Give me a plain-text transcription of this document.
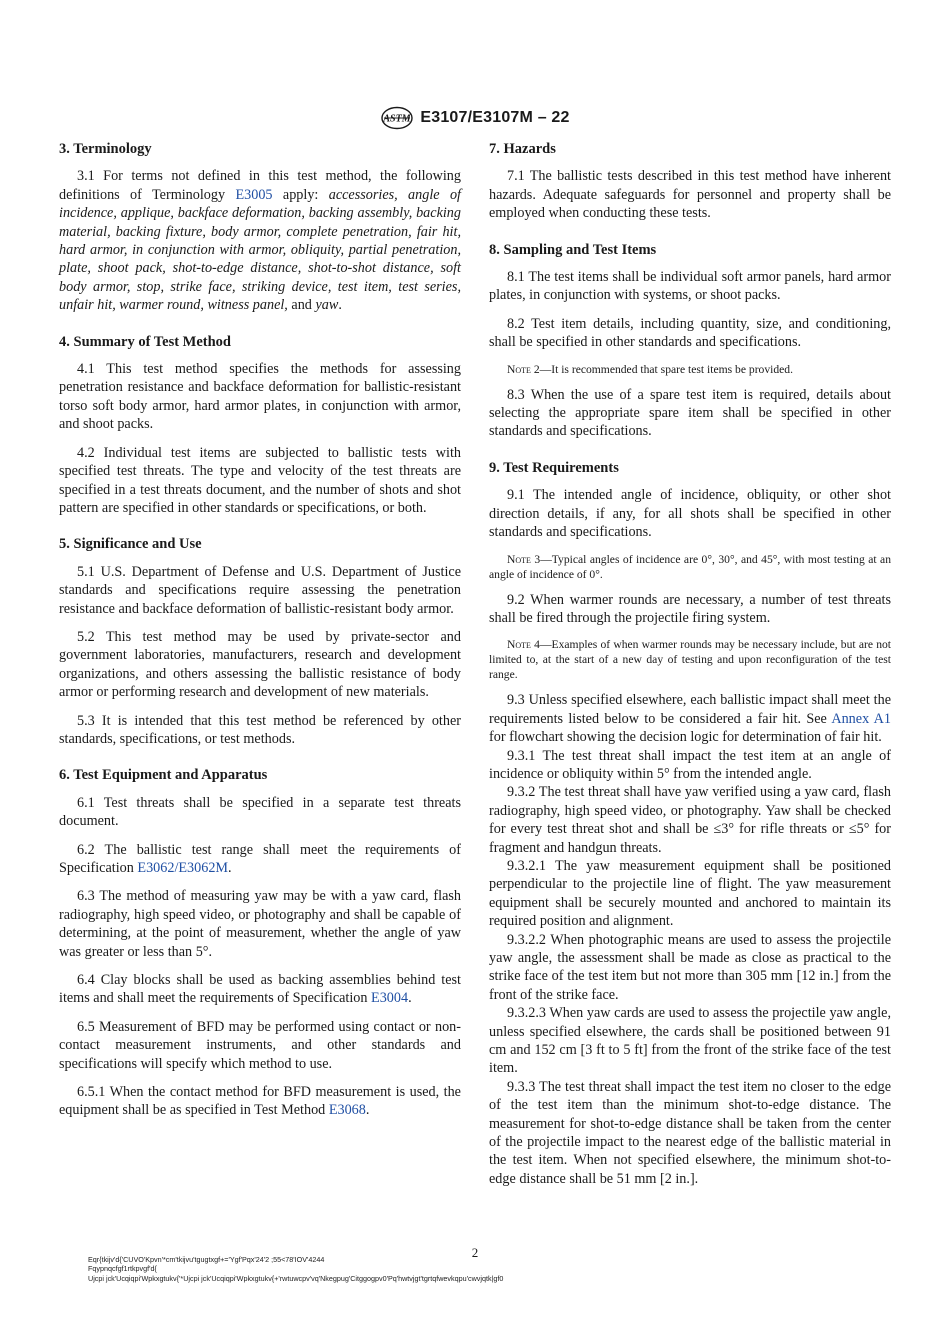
ASTM E3107/E3107M – 22
3. Terminology
3.1 For terms not defined in this test method, the following definitions of Terminology E3005 apply: accessories, angle of incidence, applique, backface deformation, backing assembly, backing material, backing fixture, body armor, complete penetration, fair hit, hard armor, in conjunction with armor, obliquity, partial penetration, plate, shoot pack, shot-to-edge distance, shot-to-shot distance, soft body armor, stop, strike face, striking device, test item, test series, unfair hit, warmer round, witness panel, and yaw.
4. Summary of Test Method
4.1 This test method specifies the methods for assessing penetration resistance and backface deformation for ballistic-resistant torso soft body armor, hard armor plates, in conjunction with armor, and shoot packs.
4.2 Individual test items are subjected to ballistic tests with specified test threats. The type and velocity of the test threats are specified in a test threats document, and the number of shots and shot pattern are specified in other standards or specifications, or both.
5. Significance and Use
5.1 U.S. Department of Defense and U.S. Department of Justice standards and specifications require assessing the penetration resistance and backface deformation of ballistic-resistant body armor.
5.2 This test method may be used by private-sector and government laboratories, manufacturers, research and development organizations, and others assessing the ballistic resistance of body armor or performing research and development of new materials.
5.3 It is intended that this test method be referenced by other standards, specifications, or test methods.
6. Test Equipment and Apparatus
6.1 Test threats shall be specified in a separate test threats document.
6.2 The ballistic test range shall meet the requirements of Specification E3062/E3062M.
6.3 The method of measuring yaw may be with a yaw card, flash radiography, high speed video, or photography and shall be capable of determining, at the point of measurement, whether the angle of yaw was greater or less than 5°.
6.4 Clay blocks shall be used as backing assemblies behind test items and shall meet the requirements of Specification E3004.
6.5 Measurement of BFD may be performed using contact or non-contact measurement instruments, and other standards and specifications will specify which method to use.
6.5.1 When the contact method for BFD measurement is used, the equipment shall be as specified in Test Method E3068.
7. Hazards
7.1 The ballistic tests described in this test method have inherent hazards. Adequate safeguards for personnel and property shall be employed when conducting these tests.
8. Sampling and Test Items
8.1 The test items shall be individual soft armor panels, hard armor plates, in conjunction with systems, or shoot packs.
8.2 Test item details, including quantity, size, and conditioning, shall be specified in other standards and specifications.
Note 2—It is recommended that spare test items be provided.
8.3 When the use of a spare test item is required, details about selecting the appropriate spare item shall be specified in other standards and specifications.
9. Test Requirements
9.1 The intended angle of incidence, obliquity, or other shot direction details, if any, for all shots shall be specified in other standards and specifications.
Note 3—Typical angles of incidence are 0°, 30°, and 45°, with most testing at an angle of incidence of 0°.
9.2 When warmer rounds are necessary, a number of test threats shall be fired through the projectile firing system.
Note 4—Examples of when warmer rounds may be necessary include, but are not limited to, at the start of a new day of testing and upon reconfiguration of the test range.
9.3 Unless specified elsewhere, each ballistic impact shall meet the requirements listed below to be considered a fair hit. See Annex A1 for flowchart showing the decision logic for determination of fair hit.
9.3.1 The test threat shall impact the test item at an angle of incidence or obliquity within 5° from the intended angle.
9.3.2 The test threat shall have yaw verified using a yaw card, flash radiography, high speed video, or photography. Yaw shall be checked for every test threat shot and shall be ≤3° for rifle threats or ≤5° for fragment and handgun threats.
9.3.2.1 The yaw measurement equipment shall be positioned perpendicular to the projectile line of flight. The yaw measurement equipment shall be securely mounted and anchored to maintain its required position and alignment.
9.3.2.2 When photographic means are used to assess the projectile yaw angle, the assessment shall be made as close as practical to the strike face of the test item but not more than 305 mm [12 in.] from the front of the strike face.
9.3.2.3 When yaw cards are used to assess the projectile yaw angle, unless specified elsewhere, the cards shall be positioned between 91 cm and 152 cm [3 ft to 5 ft] from the front of the strike face of the test item.
9.3.3 The test threat shall impact the test item no closer to the edge of the test item than the minimum shot-to-edge distance. The measurement for shot-to-edge distance shall be taken from the center of the projectile impact to the nearest edge of the ballistic material in the test item. When not specified elsewhere, the minimum shot-to-edge distance shall be 51 mm [2 in.].
2
Eqr{tkijv'd{'CUVO'Kpvn'*cm'tkijvu'tgugtxgf+='Ygf'Pqx'24'2 ;55<78'IOV'4244
Fqypnqcfgf1rtkpvgf'd{
Ujcpi jck'Ucqiqpi'Wpkxgtukv{'*Ujcpi jck'Ucqiqpi'Wpkxgtukv{+'rwtuwcpv'vq'Nkegpug'Citggogpv0'Pq'hwtvjgt'tgrtqfwevkqpu'cwvjqtk|gf0
